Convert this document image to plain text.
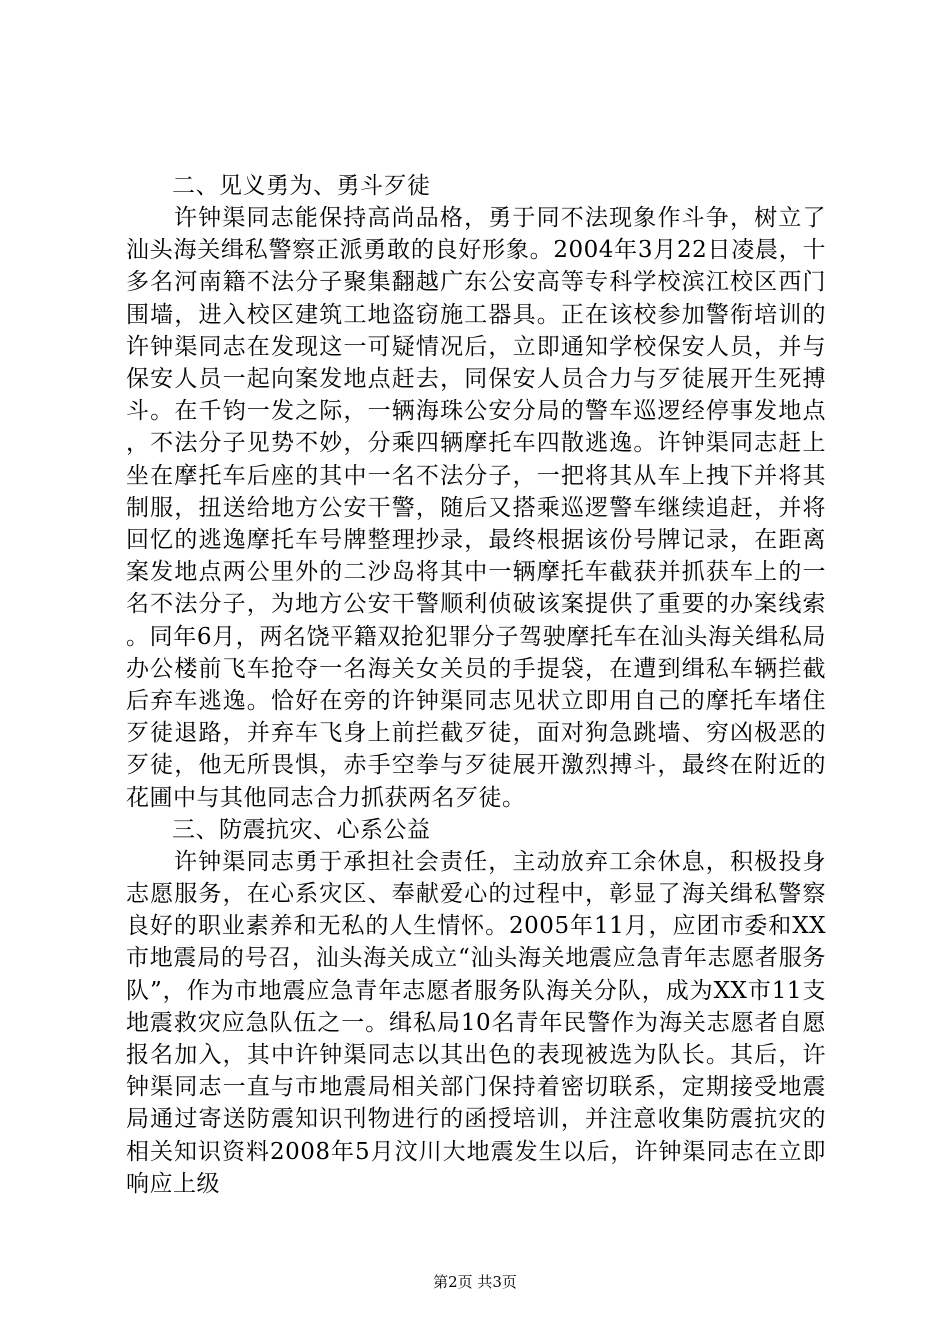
二、见义勇为、勇斗歹徒

许钟渠同志能保持高尚品格，勇于同不法现象作斗争，树立了汕头海关缉私警察正派勇敢的良好形象。2004年3月22日凌晨，十多名河南籍不法分子聚集翻越广东公安高等专科学校滨江校区西门围墙，进入校区建筑工地盗窃施工器具。正在该校参加警衔培训的许钟渠同志在发现这一可疑情况后，立即通知学校保安人员，并与保安人员一起向案发地点赶去，同保安人员合力与歹徒展开生死搏斗。在千钧一发之际，一辆海珠公安分局的警车巡逻经停事发地点，不法分子见势不妙，分乘四辆摩托车四散逃逸。许钟渠同志赶上坐在摩托车后座的其中一名不法分子，一把将其从车上拽下并将其制服，扭送给地方公安干警，随后又搭乘巡逻警车继续追赶，并将回忆的逃逸摩托车号牌整理抄录，最终根据该份号牌记录，在距离案发地点两公里外的二沙岛将其中一辆摩托车截获并抓获车上的一名不法分子，为地方公安干警顺利侦破该案提供了重要的办案线索。同年6月，两名饶平籍双抢犯罪分子驾驶摩托车在汕头海关缉私局办公楼前飞车抢夺一名海关女关员的手提袋，在遭到缉私车辆拦截后弃车逃逸。恰好在旁的许钟渠同志见状立即用自己的摩托车堵住歹徒退路，并弃车飞身上前拦截歹徒，面对狗急跳墙、穷凶极恶的歹徒，他无所畏惧，赤手空拳与歹徒展开激烈搏斗，最终在附近的花圃中与其他同志合力抓获两名歹徒。

三、防震抗灾、心系公益

许钟渠同志勇于承担社会责任，主动放弃工余休息，积极投身志愿服务，在心系灾区、奉献爱心的过程中，彰显了海关缉私警察良好的职业素养和无私的人生情怀。2005年11月，应团市委和XX市地震局的号召，汕头海关成立“汕头海关地震应急青年志愿者服务队”，作为市地震应急青年志愿者服务队海关分队，成为XX市11支地震救灾应急队伍之一。缉私局10名青年民警作为海关志愿者自愿报名加入，其中许钟渠同志以其出色的表现被选为队长。其后，许钟渠同志一直与市地震局相关部门保持着密切联系，定期接受地震局通过寄送防震知识刊物进行的函授培训，并注意收集防震抗灾的相关知识资料2008年5月汶川大地震发生以后，许钟渠同志在立即响应上级

第2页 共3页
